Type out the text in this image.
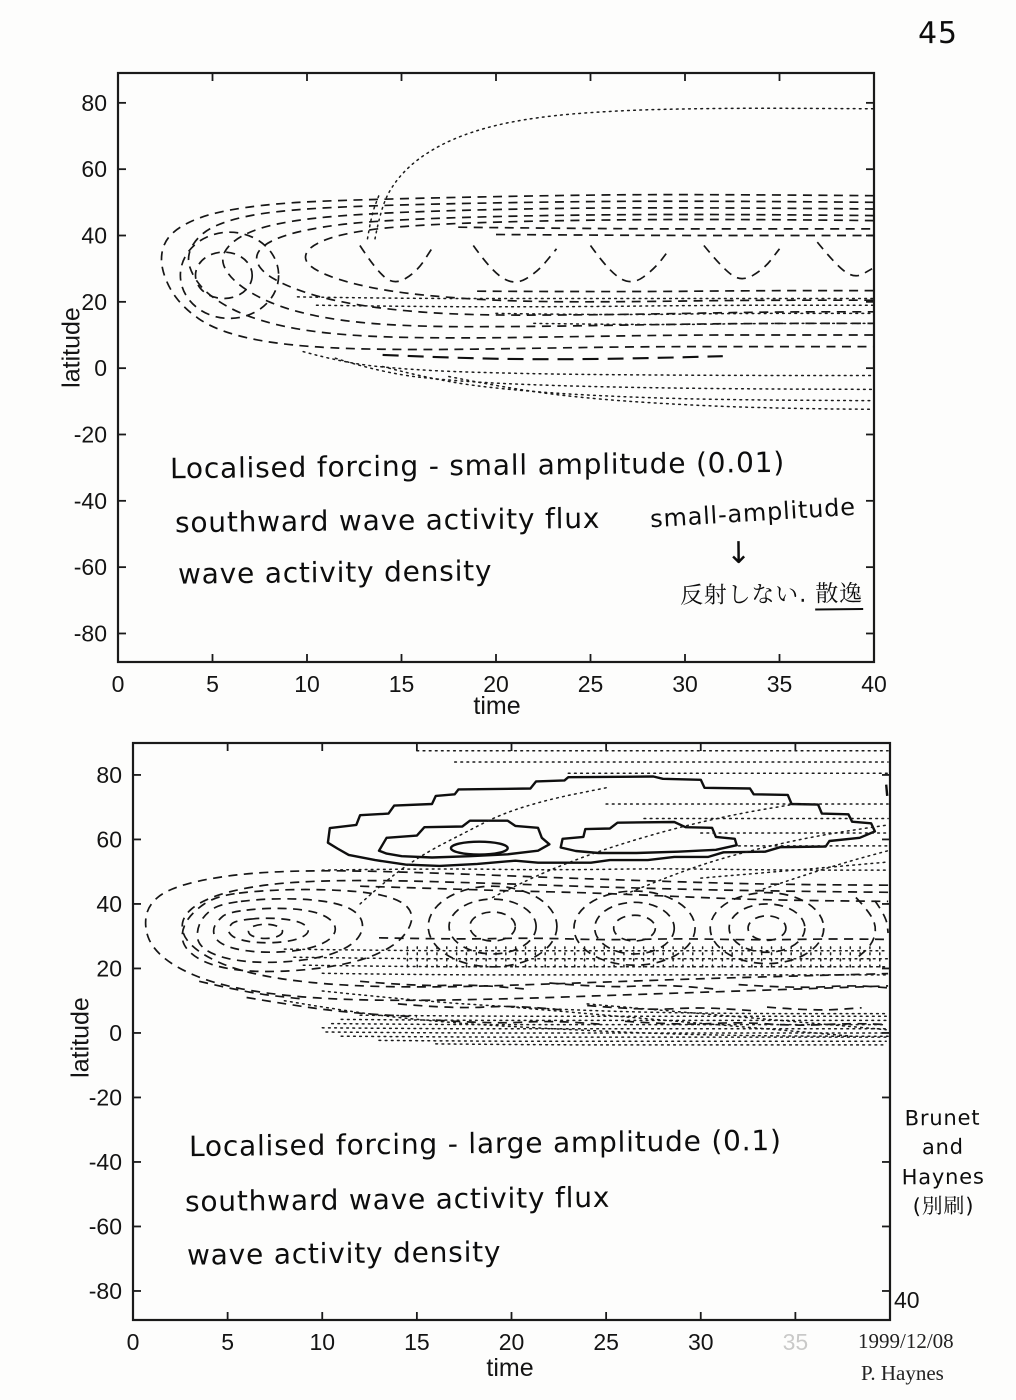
0	5	10	15	20	25	30	35	40
80
60
40
20
0
-20
-40
-60
-80
0	5	10	15	20	25	30	35
40
80
60
40
20
0
-20
-40
-60
-80
45
latitude
time
Localised forcing - small amplitude (0.01)
southward wave activity flux
wave activity density
small-amplitude
↓
反射しない. 散逸
latitude
time
Localised forcing - large amplitude (0.1)
southward wave activity flux
wave activity density
Brunet
and
Haynes
(別刷)
1999/12/08
P. Haynes
